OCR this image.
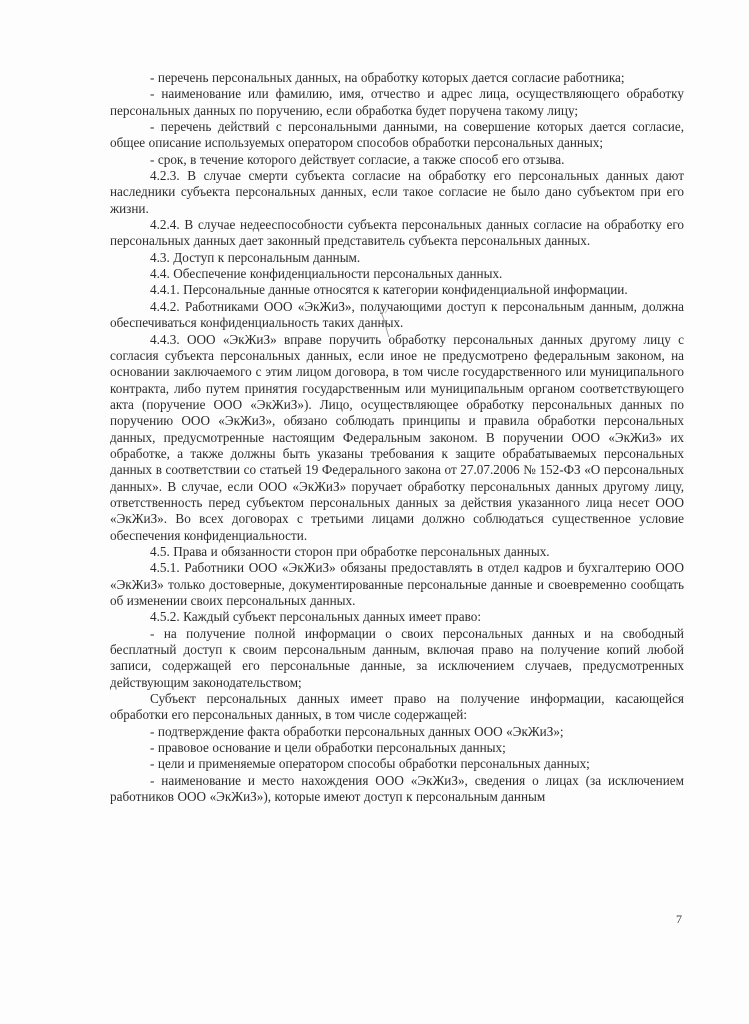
- перечень персональных данных, на обработку которых дается согласие работника;

- наименование или фамилию, имя, отчество и адрес лица, осуществляющего обработку персональных данных по поручению, если обработка будет поручена такому лицу;

- перечень действий с персональными данными, на совершение которых дается согласие, общее описание используемых оператором способов обработки персональных данных;

- срок, в течение которого действует согласие, а также способ его отзыва.

4.2.3. В случае смерти субъекта согласие на обработку его персональных данных дают наследники субъекта персональных данных, если такое согласие не было дано субъектом при его жизни.

4.2.4. В случае недееспособности субъекта персональных данных согласие на обработку его персональных данных дает законный представитель субъекта персональных данных.

4.3. Доступ к персональным данным.

4.4. Обеспечение конфиденциальности персональных данных.

4.4.1. Персональные данные относятся к категории конфиденциальной информации.

4.4.2. Работниками ООО «ЭкЖиЗ», получающими доступ к персональным данным, должна обеспечиваться конфиденциальность таких данных.

4.4.3. ООО «ЭкЖиЗ» вправе поручить обработку персональных данных другому лицу с согласия субъекта персональных данных, если иное не предусмотрено федеральным законом, на основании заключаемого с этим лицом договора, в том числе государственного или муниципального контракта, либо путем принятия государственным или муниципальным органом соответствующего акта (поручение ООО «ЭкЖиЗ»). Лицо, осуществляющее обработку персональных данных по поручению ООО «ЭкЖиЗ», обязано соблюдать принципы и правила обработки персональных данных, предусмотренные настоящим Федеральным законом. В поручении ООО «ЭкЖиЗ» их обработке, а также должны быть указаны требования к защите обрабатываемых персональных данных в соответствии со статьей 19 Федерального закона от 27.07.2006 № 152-ФЗ «О персональных данных». В случае, если ООО «ЭкЖиЗ» поручает обработку персональных данных другому лицу, ответственность перед субъектом персональных данных за действия указанного лица несет ООО «ЭкЖиЗ». Во всех договорах с третьими лицами должно соблюдаться существенное условие обеспечения конфиденциальности.

4.5. Права и обязанности сторон при обработке персональных данных.

4.5.1. Работники ООО «ЭкЖиЗ» обязаны предоставлять в отдел кадров и бухгалтерию ООО «ЭкЖиЗ» только достоверные, документированные персональные данные и своевременно сообщать об изменении своих персональных данных.

4.5.2. Каждый субъект персональных данных имеет право:

- на получение полной информации о своих персональных данных и на свободный бесплатный доступ к своим персональным данным, включая право на получение копий любой записи, содержащей его персональные данные, за исключением случаев, предусмотренных действующим законодательством;

Субъект персональных данных имеет право на получение информации, касающейся обработки его персональных данных, в том числе содержащей:

- подтверждение факта обработки персональных данных ООО «ЭкЖиЗ»;

- правовое основание и цели обработки персональных данных;

- цели и применяемые оператором способы обработки персональных данных;

- наименование и место нахождения ООО «ЭкЖиЗ», сведения о лицах (за исключением работников ООО «ЭкЖиЗ»), которые имеют доступ к персональным данным

7
